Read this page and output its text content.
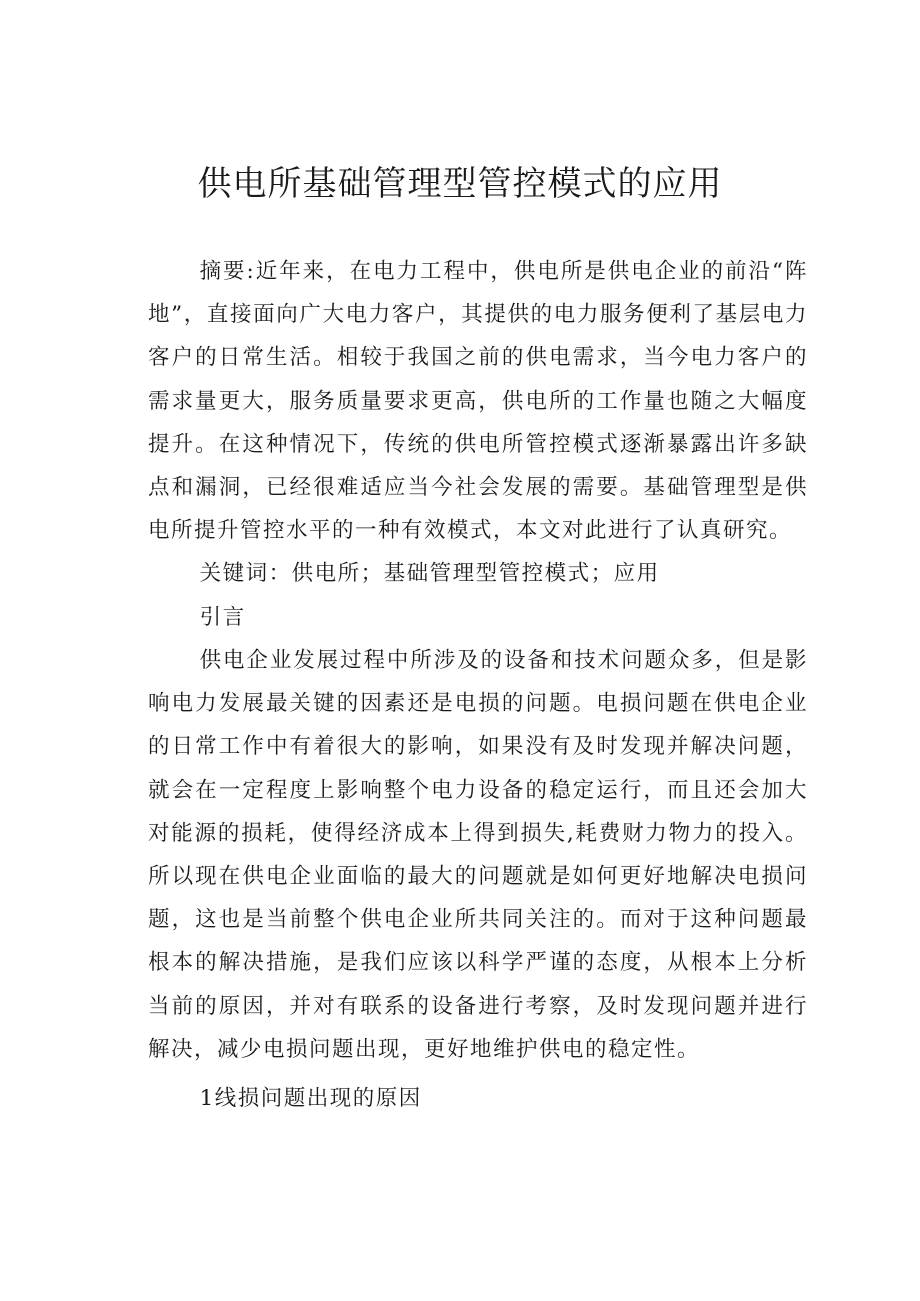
供电所基础管理型管控模式的应用

摘要:近年来，在电力工程中，供电所是供电企业的前沿“阵地”，直接面向广大电力客户，其提供的电力服务便利了基层电力客户的日常生活。相较于我国之前的供电需求，当今电力客户的需求量更大，服务质量要求更高，供电所的工作量也随之大幅度提升。在这种情况下，传统的供电所管控模式逐渐暴露出许多缺点和漏洞，已经很难适应当今社会发展的需要。基础管理型是供电所提升管控水平的一种有效模式，本文对此进行了认真研究。

关键词：供电所；基础管理型管控模式；应用

引言

供电企业发展过程中所涉及的设备和技术问题众多，但是影响电力发展最关键的因素还是电损的问题。电损问题在供电企业的日常工作中有着很大的影响，如果没有及时发现并解决问题，就会在一定程度上影响整个电力设备的稳定运行，而且还会加大对能源的损耗，使得经济成本上得到损失,耗费财力物力的投入。所以现在供电企业面临的最大的问题就是如何更好地解决电损问题，这也是当前整个供电企业所共同关注的。而对于这种问题最根本的解决措施，是我们应该以科学严谨的态度，从根本上分析当前的原因，并对有联系的设备进行考察，及时发现问题并进行解决，减少电损问题出现，更好地维护供电的稳定性。

1线损问题出现的原因
